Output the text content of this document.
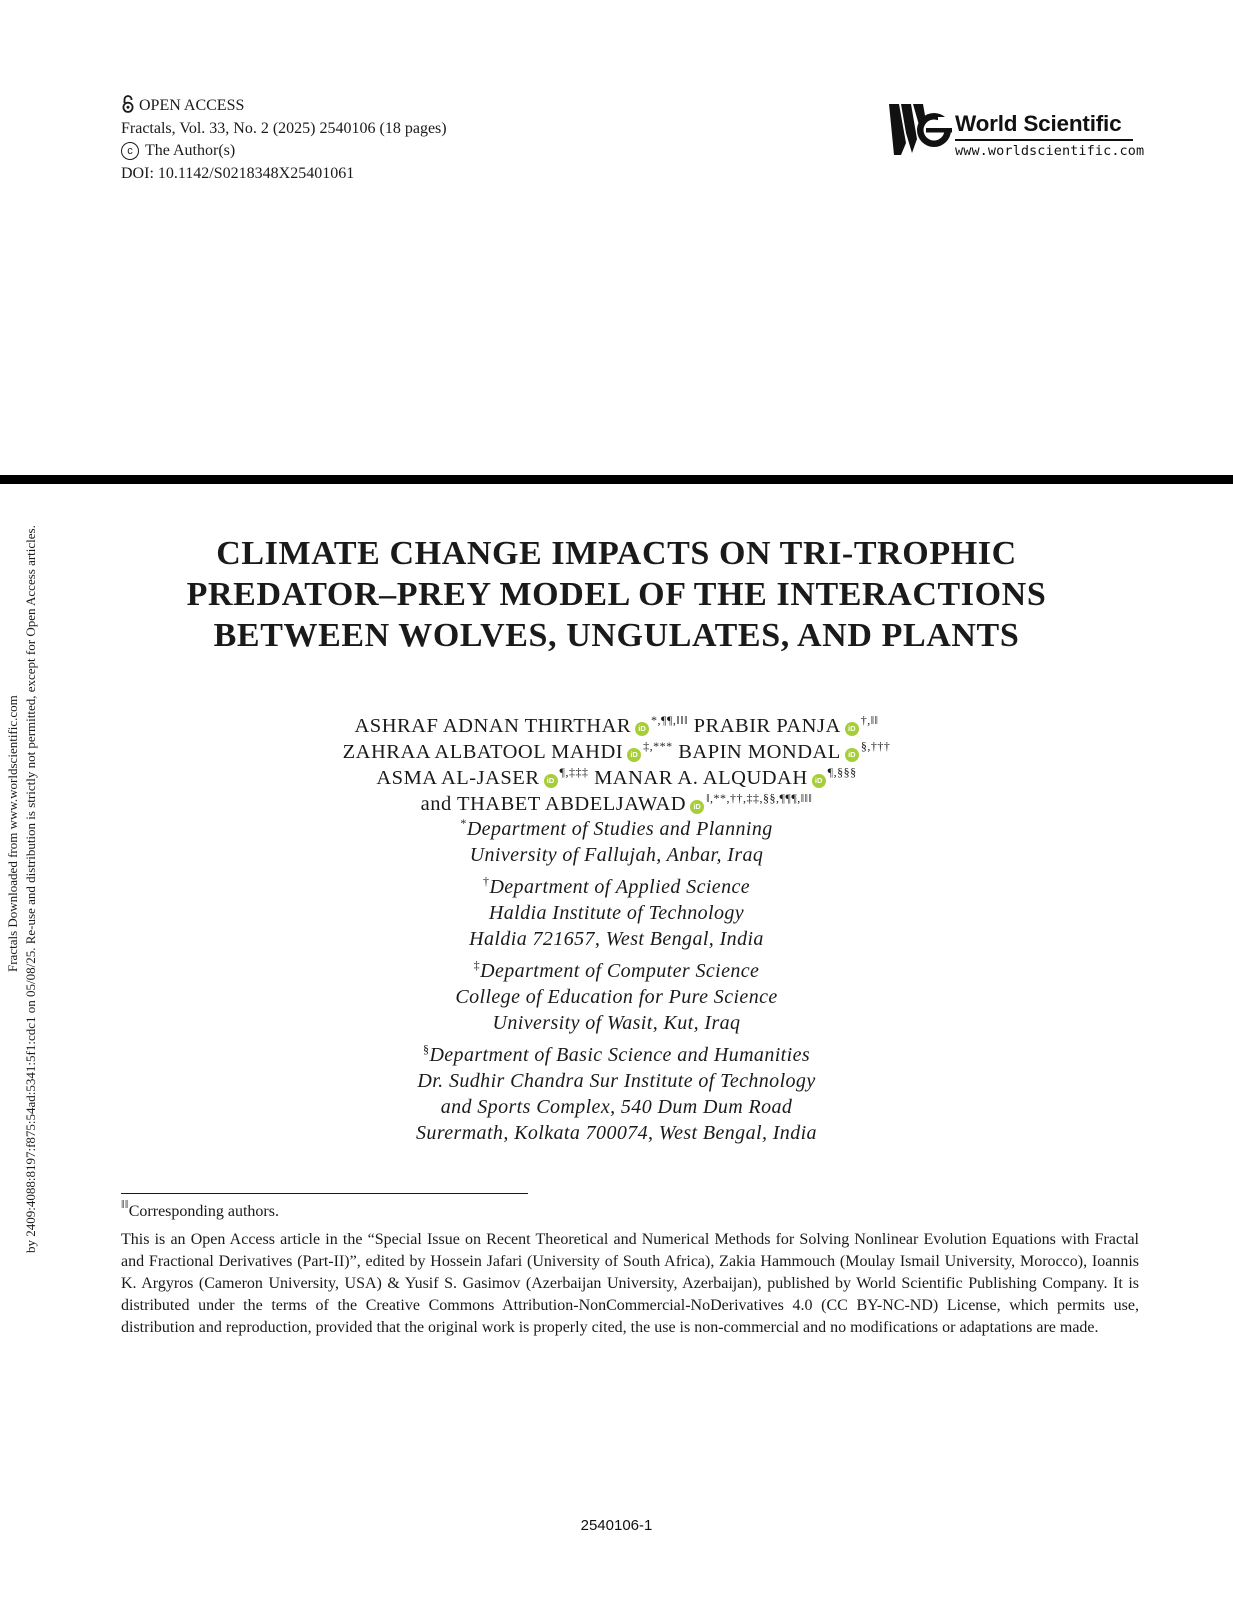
OPEN ACCESS
Fractals, Vol. 33, No. 2 (2025) 2540106 (18 pages)
c The Author(s)
DOI: 10.1142/S0218348X25401061
World Scientific
www.worldscientific.com
Fractals Downloaded from www.worldscientific.com by 2409:4088:8197:f875:54ad:5341:5f1:cdc1 on 05/08/25. Re-use and distribution is strictly not permitted, except for Open Access articles.	CLIMATE CHANGE IMPACTS ON TRI-TROPHIC
PREDATOR–PREY MODEL OF THE INTERACTIONS
BETWEEN WOLVES, UNGULATES, AND PLANTS
ASHRAF ADNAN THIRTHAR iD*,¶¶,‖‖‖ PRABIR PANJA iD†,‖‖
ZAHRAA ALBATOOL MAHDI iD‡,*** BAPIN MONDAL iD§,†††
ASMA AL-JASER iD¶,‡‡‡ MANAR A. ALQUDAH iD¶,§§§
and THABET ABDELJAWAD iD‖,**,††,‡‡,§§,¶¶¶,‖‖‖
*Department of Studies and Planning
University of Fallujah, Anbar, Iraq
†Department of Applied Science
Haldia Institute of Technology
Haldia 721657, West Bengal, India
‡Department of Computer Science
College of Education for Pure Science
University of Wasit, Kut, Iraq
§Department of Basic Science and Humanities
Dr. Sudhir Chandra Sur Institute of Technology
and Sports Complex, 540 Dum Dum Road
Surermath, Kolkata 700074, West Bengal, India
‖‖Corresponding authors.
This is an Open Access article in the “Special Issue on Recent Theoretical and Numerical Methods for Solving Nonlinear Evolution Equations with Fractal and Fractional Derivatives (Part-II)”, edited by Hossein Jafari (University of South Africa), Zakia Hammouch (Moulay Ismail University, Morocco), Ioannis K. Argyros (Cameron University, USA) & Yusif S. Gasimov (Azerbaijan University, Azerbaijan), published by World Scientific Publishing Company. It is distributed under the terms of the Creative Commons Attribution-NonCommercial-NoDerivatives 4.0 (CC BY-NC-ND) License, which permits use, distribution and reproduction, provided that the original work is properly cited, the use is non-commercial and no modifications or adaptations are made.
2540106-1
